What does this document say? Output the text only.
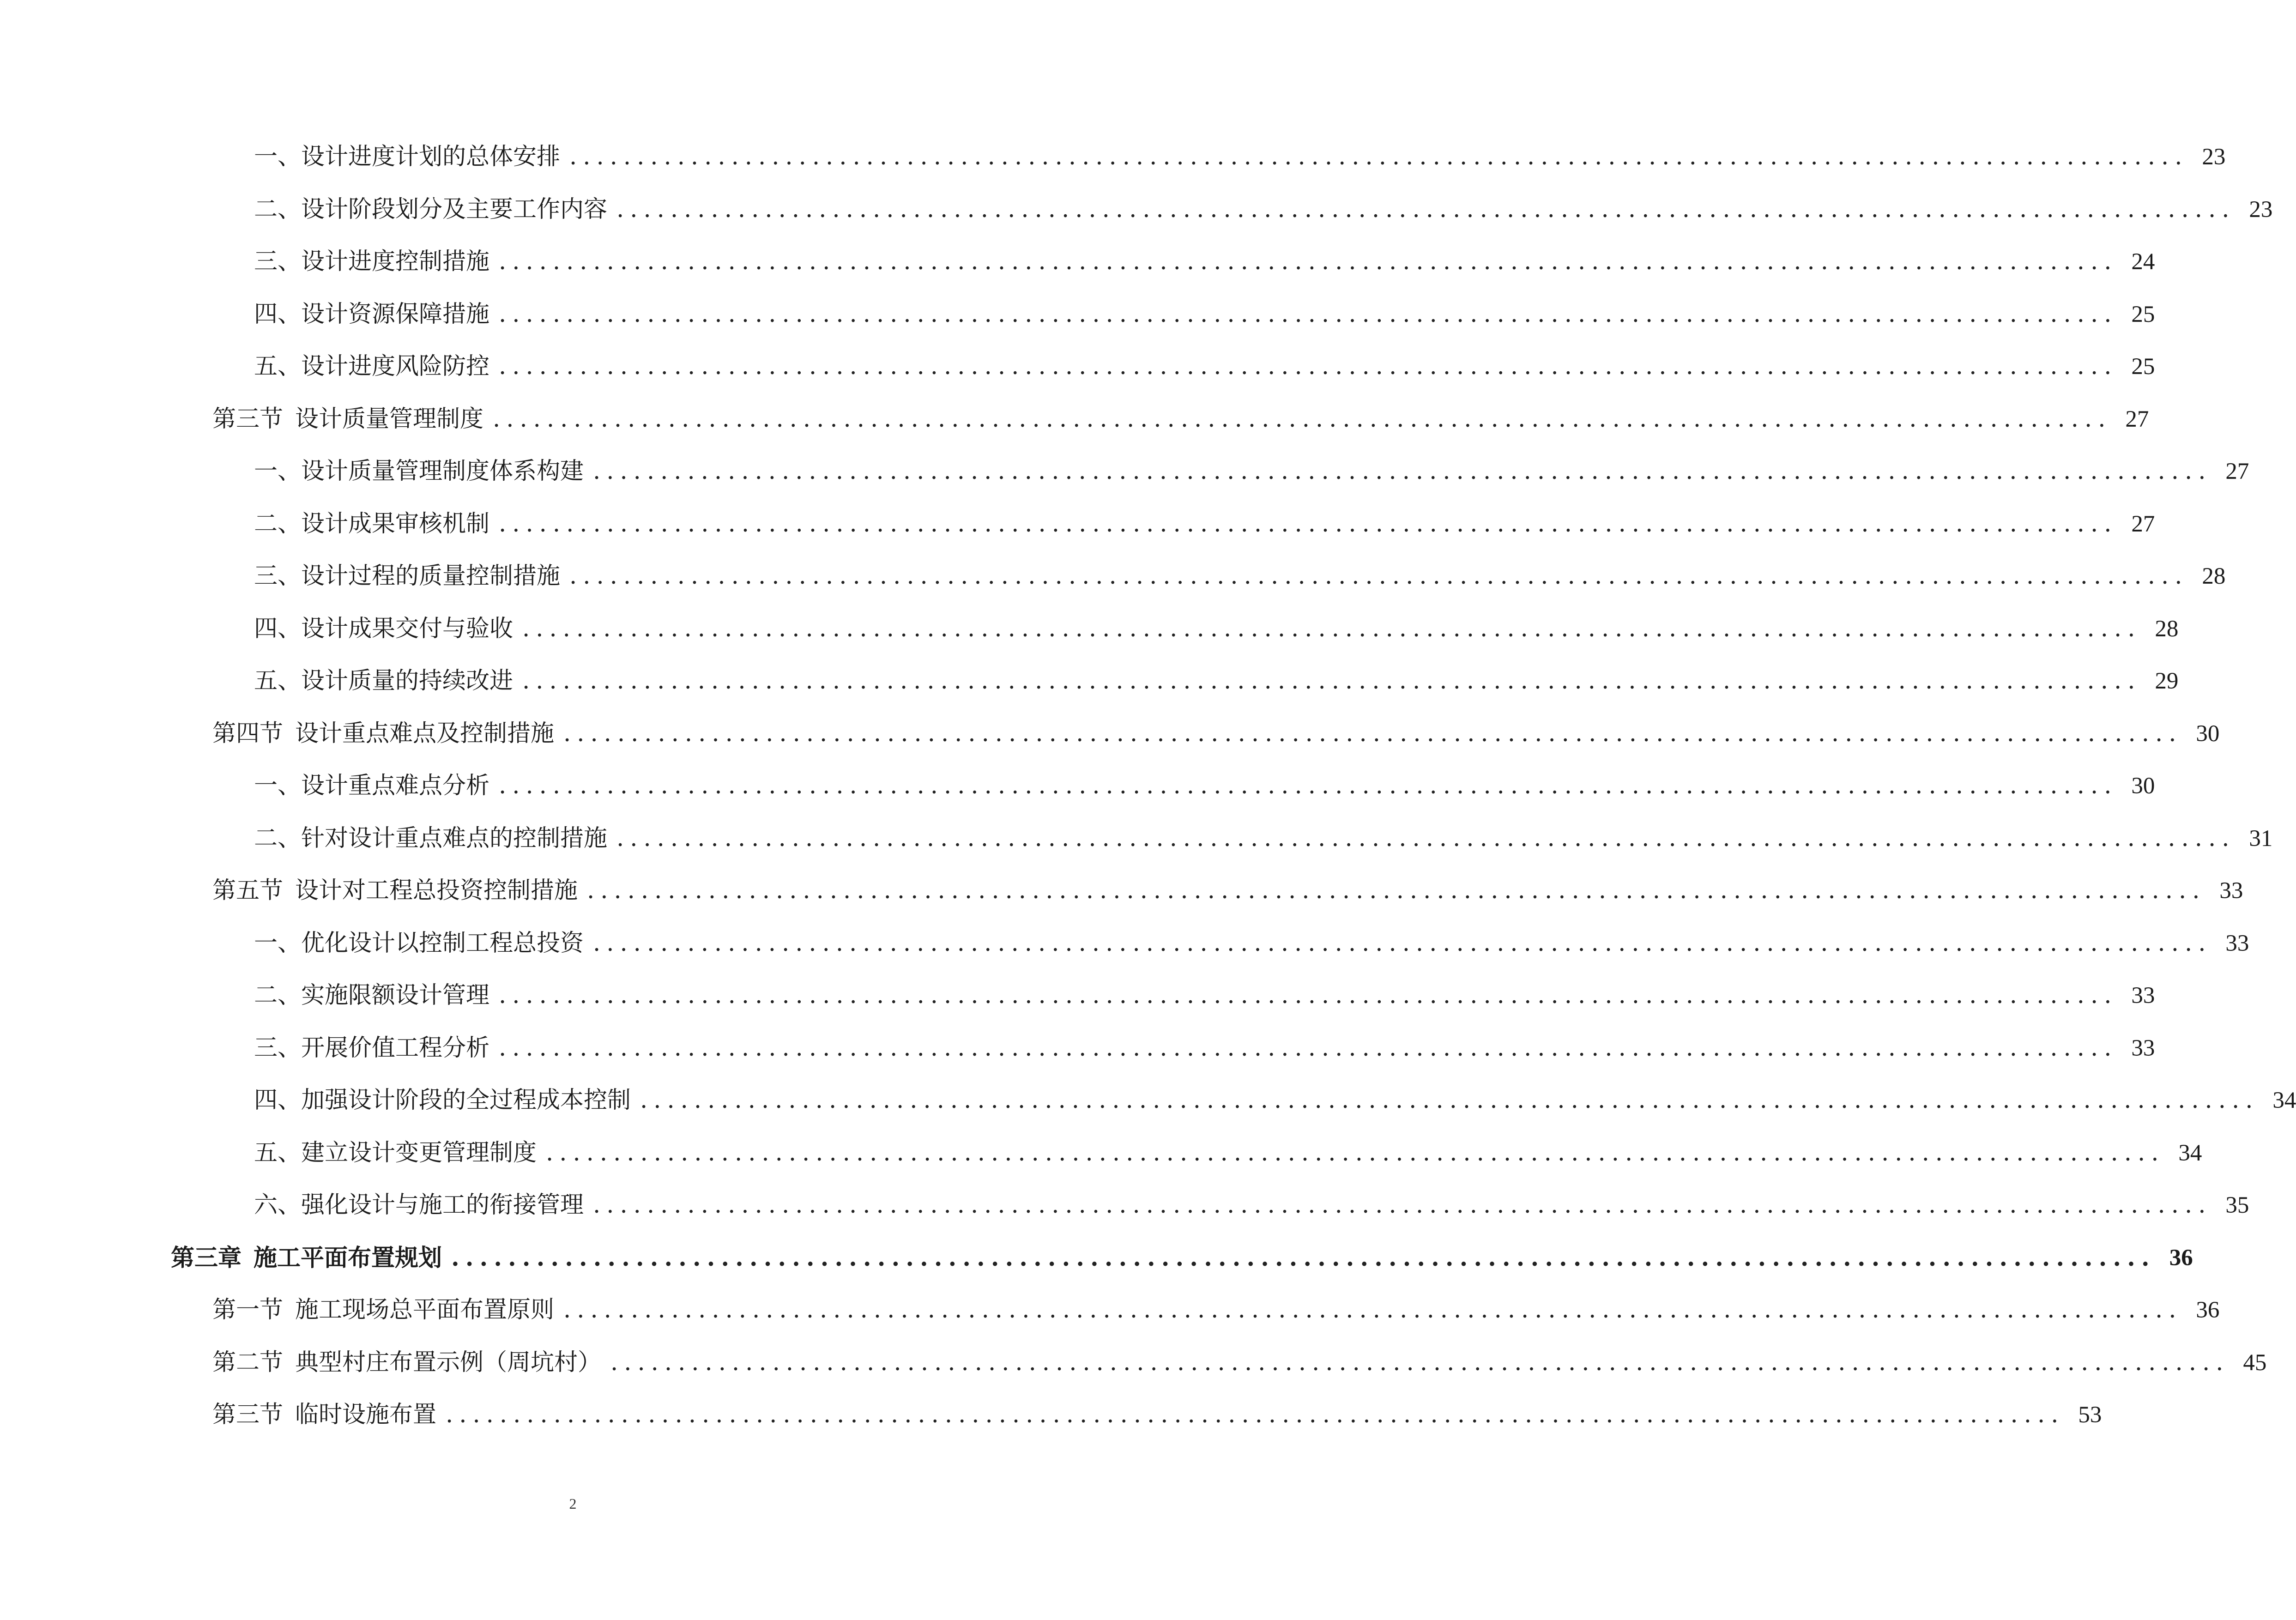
一、 设计进度计划的总体安排 ........................................................................................................................ 23
二、 设计阶段划分及主要工作内容 ........................................................................................................................ 23
三、 设计进度控制措施 ........................................................................................................................ 24
四、 设计资源保障措施 ........................................................................................................................ 25
五、 设计进度风险防控 ........................................................................................................................ 25
第三节 设计质量管理制度 ........................................................................................................................ 27
一、 设计质量管理制度体系构建 ........................................................................................................................ 27
二、 设计成果审核机制 ........................................................................................................................ 27
三、 设计过程的质量控制措施 ........................................................................................................................ 28
四、 设计成果交付与验收 ........................................................................................................................ 28
五、 设计质量的持续改进 ........................................................................................................................ 29
第四节 设计重点难点及控制措施 ........................................................................................................................ 30
一、 设计重点难点分析 ........................................................................................................................ 30
二、 针对设计重点难点的控制措施 ........................................................................................................................ 31
第五节 设计对工程总投资控制措施 ........................................................................................................................ 33
一、 优化设计以控制工程总投资 ........................................................................................................................ 33
二、 实施限额设计管理 ........................................................................................................................ 33
三、 开展价值工程分析 ........................................................................................................................ 33
四、 加强设计阶段的全过程成本控制 ........................................................................................................................ 34
五、 建立设计变更管理制度 ........................................................................................................................ 34
六、 强化设计与施工的衔接管理 ........................................................................................................................ 35
第三章 施工平面布置规划 ........................................................................................................................ 36
第一节 施工现场总平面布置原则 ........................................................................................................................ 36
第二节 典型村庄布置示例（周坑村） ........................................................................................................................ 45
第三节 临时设施布置 ........................................................................................................................ 53
2
